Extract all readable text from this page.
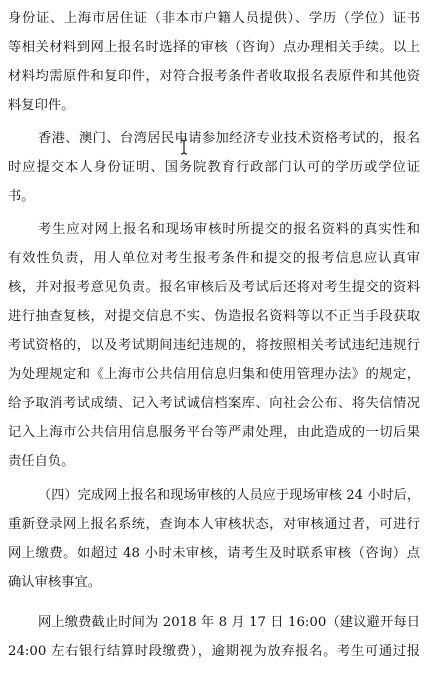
身份证、上海市居住证（非本市户籍人员提供）、学历（学位）证书
等相关材料到网上报名时选择的审核（咨询）点办理相关手续。以上
材料均需原件和复印件，对符合报考条件者收取报名表原件和其他资
料复印件。
香港、澳门、台湾居民申请参加经济专业技术资格考试的，报名
时应提交本人身份证明、国务院教育行政部门认可的学历或学位证
书。
考生应对网上报名和现场审核时所提交的报名资料的真实性和
有效性负责，用人单位对考生报考条件和提交的报考信息应认真审
核，并对报考意见负责。报名审核后及考试后还将对考生提交的资料
进行抽查复核，对提交信息不实、伪造报名资料等以不正当手段获取
考试资格的，以及考试期间违纪违规的，将按照相关考试违纪违规行
为处理规定和《上海市公共信用信息归集和使用管理办法》的规定，
给予取消考试成绩、记入考试诚信档案库、向社会公布、将失信情况
记入上海市公共信用信息服务平台等严肃处理，由此造成的一切后果
责任自负。
（四）完成网上报名和现场审核的人员应于现场审核 24 小时后，
重新登录网上报名系统，查询本人审核状态，对审核通过者，可进行
网上缴费。如超过 48 小时未审核，请考生及时联系审核（咨询）点
确认审核事宜。
网上缴费截止时间为 2018 年 8 月 17 日 16:00（建议避开每日
24:00 左右银行结算时段缴费），逾期视为放弃报名。考生可通过报
